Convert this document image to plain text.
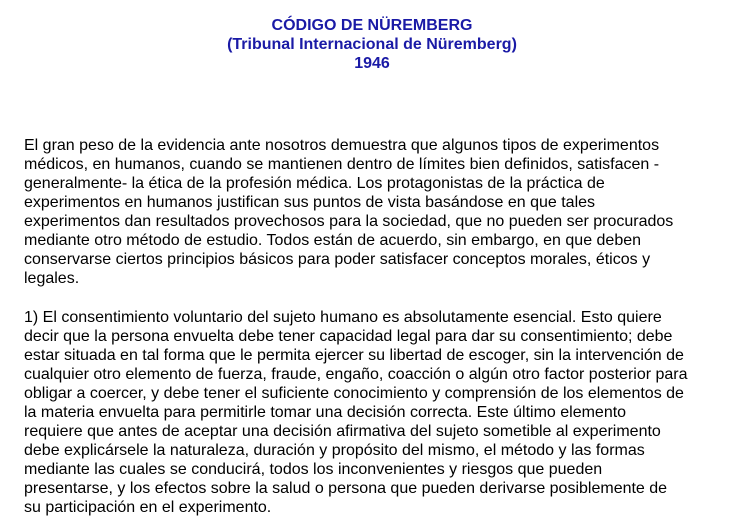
CÓDIGO DE NÜREMBERG
(Tribunal Internacional de Nüremberg)
1946
El gran peso de la evidencia ante nosotros demuestra que algunos tipos de experimentos
médicos, en humanos, cuando se mantienen dentro de límites bien definidos, satisfacen -
generalmente- la ética de la profesión médica. Los protagonistas de la práctica de
experimentos en humanos justifican sus puntos de vista basándose en que tales
experimentos dan resultados provechosos para la sociedad, que no pueden ser procurados
mediante otro método de estudio. Todos están de acuerdo, sin embargo, en que deben
conservarse ciertos principios básicos para poder satisfacer conceptos morales, éticos y
legales.
1) El consentimiento voluntario del sujeto humano es absolutamente esencial. Esto quiere
decir que la persona envuelta debe tener capacidad legal para dar su consentimiento; debe
estar situada en tal forma que le permita ejercer su libertad de escoger, sin la intervención de
cualquier otro elemento de fuerza, fraude, engaño, coacción o algún otro factor posterior para
obligar a coercer, y debe tener el suficiente conocimiento y comprensión de los elementos de
la materia envuelta para permitirle tomar una decisión correcta. Este último elemento
requiere que antes de aceptar una decisión afirmativa del sujeto sometible al experimento
debe explicársele la naturaleza, duración y propósito del mismo, el método y las formas
mediante las cuales se conducirá, todos los inconvenientes y riesgos que pueden
presentarse, y los efectos sobre la salud o persona que pueden derivarse posiblemente de
su participación en el experimento.
